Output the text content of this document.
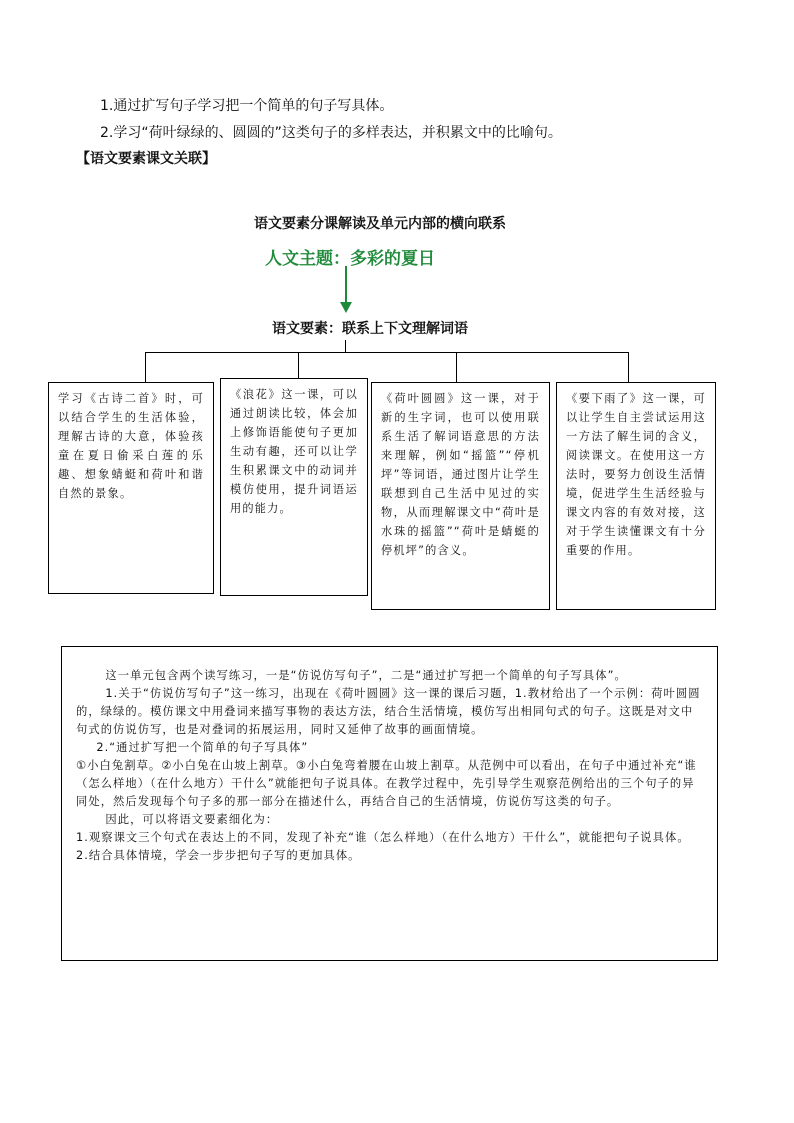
1.通过扩写句子学习把一个简单的句子写具体。
2.学习“荷叶绿绿的、圆圆的”这类句子的多样表达，并积累文中的比喻句。
【语文要素课文关联】
语文要素分课解读及单元内部的横向联系
人文主题：多彩的夏日
语文要素：联系上下文理解词语
学习《古诗二首》时，可以结合学生的生活体验，理解古诗的大意，体验孩童在夏日偷采白莲的乐趣、想象蜻蜓和荷叶和谐自然的景象。
《浪花》这一课，可以通过朗读比较，体会加上修饰语能使句子更加生动有趣，还可以让学生积累课文中的动词并模仿使用，提升词语运用的能力。
《荷叶圆圆》这一课，对于新的生字词，也可以使用联系生活了解词语意思的方法来理解，例如“摇篮”“停机坪”等词语，通过图片让学生联想到自己生活中见过的实物，从而理解课文中“荷叶是水珠的摇篮”“荷叶是蜻蜓的停机坪”的含义。
《要下雨了》这一课，可以让学生自主尝试运用这一方法了解生词的含义，阅读课文。在使用这一方法时，要努力创设生活情境，促进学生生活经验与课文内容的有效对接，这对于学生读懂课文有十分重要的作用。

这一单元包含两个读写练习，一是“仿说仿写句子”，二是“通过扩写把一个简单的句子写具体”。

1.关于“仿说仿写句子”这一练习，出现在《荷叶圆圆》这一课的课后习题，1.教材给出了一个示例：荷叶圆圆的，绿绿的。模仿课文中用叠词来描写事物的表达方法，结合生活情境，模仿写出相同句式的句子。这既是对文中句式的仿说仿写，也是对叠词的拓展运用，同时又延伸了故事的画面情境。

2.“通过扩写把一个简单的句子写具体”

①小白兔割草。②小白兔在山坡上割草。③小白兔弯着腰在山坡上割草。从范例中可以看出，在句子中通过补充“谁（怎么样地）（在什么地方）干什么”就能把句子说具体。在教学过程中，先引导学生观察范例给出的三个句子的异同处，然后发现每个句子多的那一部分在描述什么，再结合自己的生活情境，仿说仿写这类的句子。

因此，可以将语文要素细化为：

1.观察课文三个句式在表达上的不同，发现了补充“谁（怎么样地）（在什么地方）干什么”，就能把句子说具体。

2.结合具体情境，学会一步步把句子写的更加具体。
